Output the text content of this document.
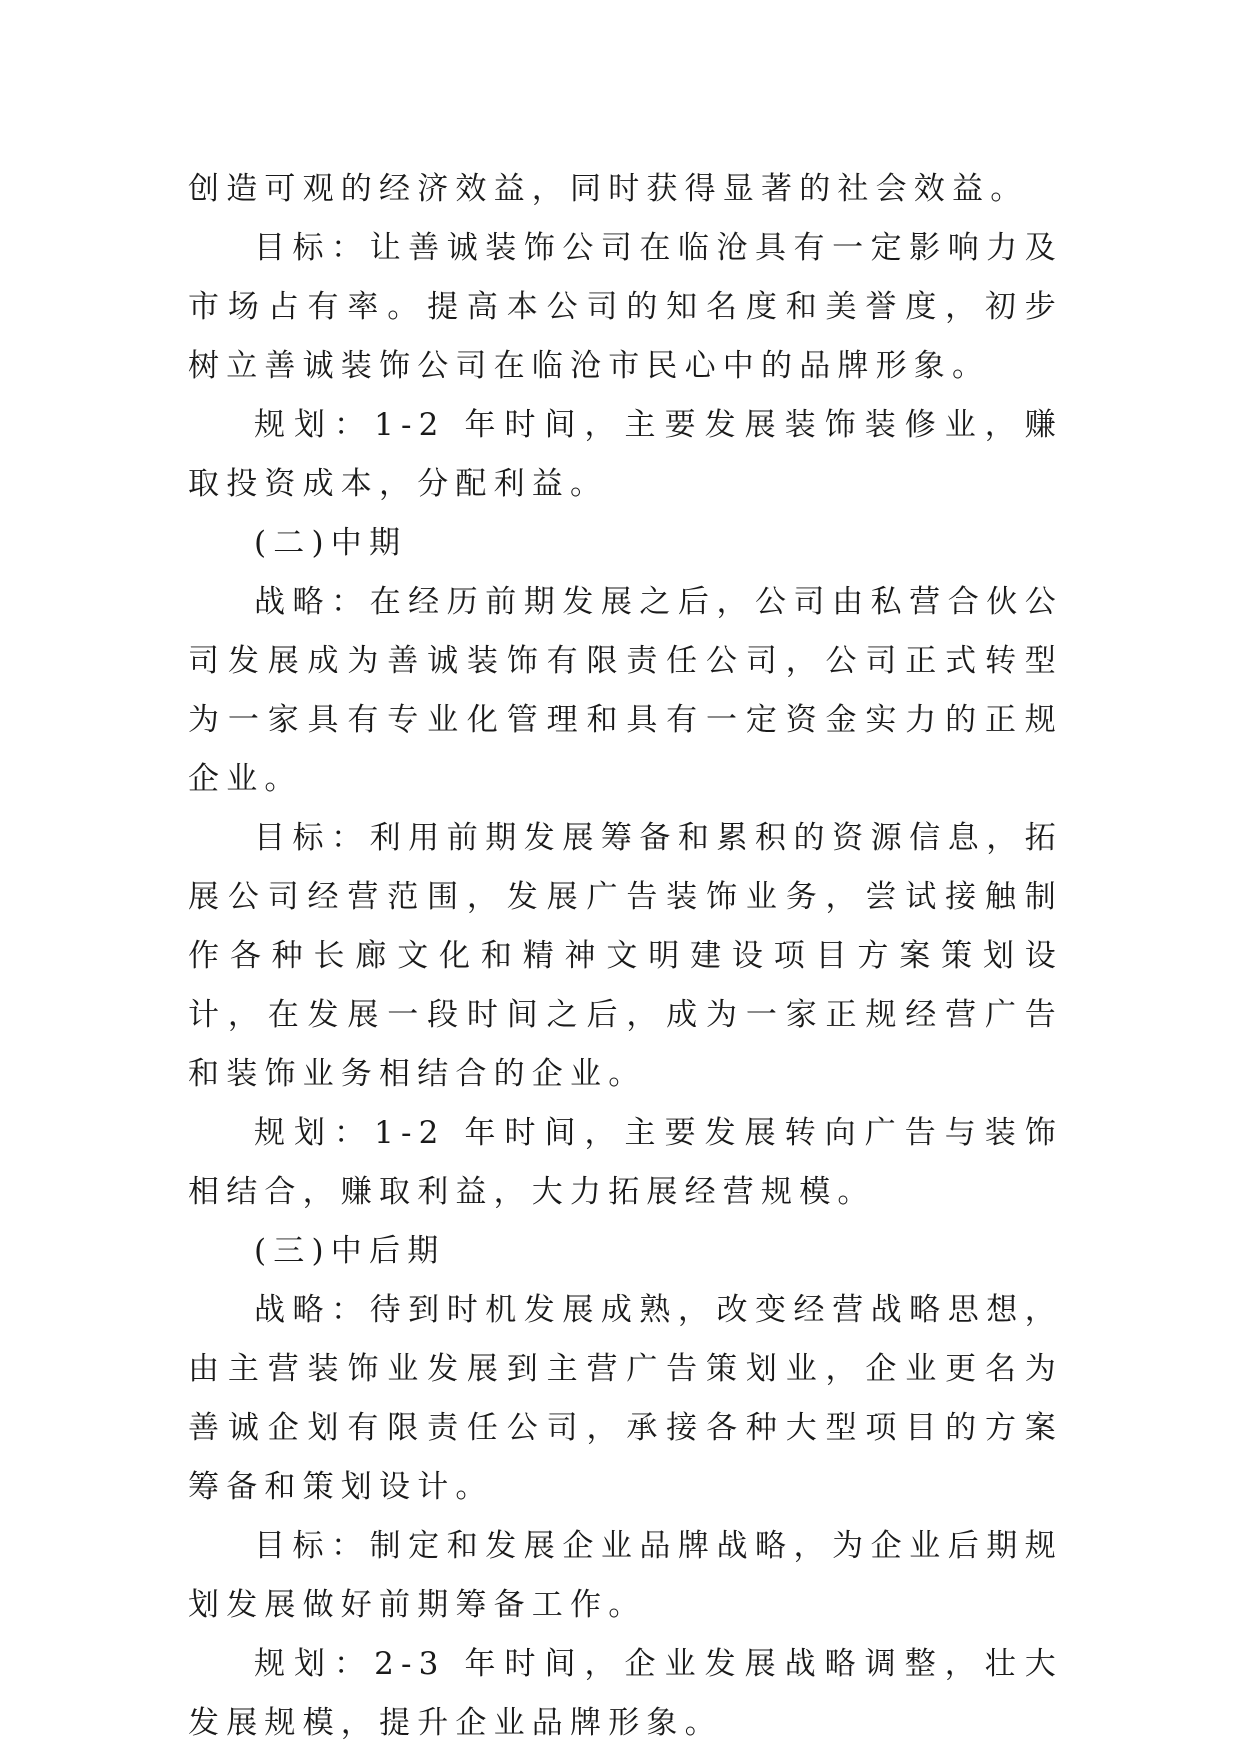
创造可观的经济效益，同时获得显著的社会效益。

目标：让善诚装饰公司在临沧具有一定影响力及市场占有率。提高本公司的知名度和美誉度，初步树立善诚装饰公司在临沧市民心中的品牌形象。

规划：1-2 年时间，主要发展装饰装修业，赚取投资成本，分配利益。

(二)中期

战略：在经历前期发展之后，公司由私营合伙公司发展成为善诚装饰有限责任公司，公司正式转型为一家具有专业化管理和具有一定资金实力的正规企业。

目标：利用前期发展筹备和累积的资源信息，拓展公司经营范围，发展广告装饰业务，尝试接触制作各种长廊文化和精神文明建设项目方案策划设计，在发展一段时间之后，成为一家正规经营广告和装饰业务相结合的企业。

规划：1-2 年时间，主要发展转向广告与装饰相结合，赚取利益，大力拓展经营规模。

(三)中后期

战略：待到时机发展成熟，改变经营战略思想，由主营装饰业发展到主营广告策划业，企业更名为善诚企划有限责任公司，承接各种大型项目的方案筹备和策划设计。

目标：制定和发展企业品牌战略，为企业后期规划发展做好前期筹备工作。

规划：2-3 年时间，企业发展战略调整，壮大发展规模，提升企业品牌形象。
